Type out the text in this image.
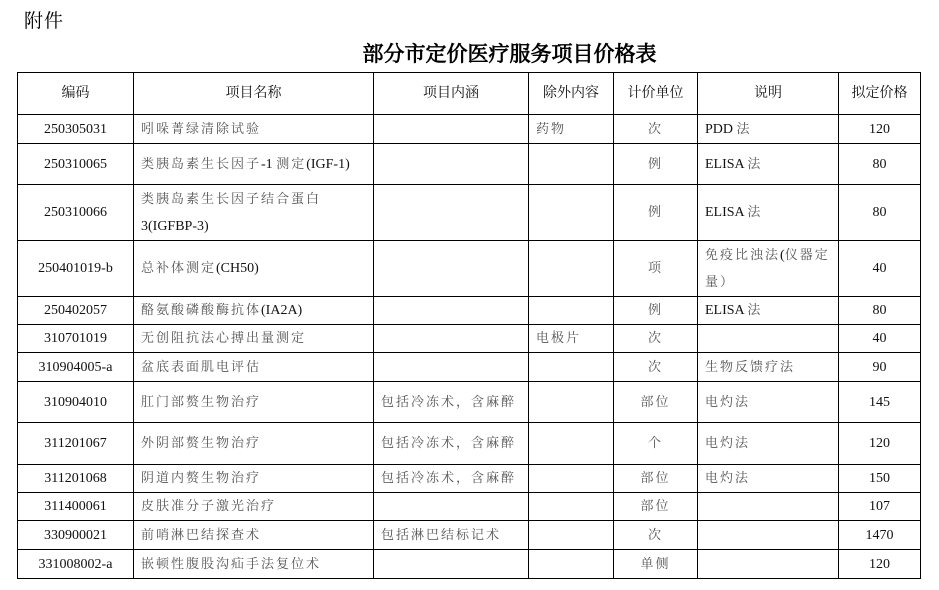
附件
部分市定价医疗服务项目价格表
编码	项目名称	项目内涵	除外内容	计价单位	说明	拟定价格
250305031	吲哚菁绿清除试验		药物	次	PDD 法	120
250310065	类胰岛素生长因子-1 测定(IGF-1)			例	ELISA 法	80
250310066	类胰岛素生长因子结合蛋白3(IGFBP-3)			例	ELISA 法	80
250401019-b	总补体测定(CH50)			项	免疫比浊法(仪器定量）	40
250402057	酪氨酸磷酸酶抗体(IA2A)			例	ELISA 法	80
310701019	无创阻抗法心搏出量测定		电极片	次		40
310904005-a	盆底表面肌电评估			次	生物反馈疗法	90
310904010	肛门部赘生物治疗	包括冷冻术，含麻醉		部位	电灼法	145
311201067	外阴部赘生物治疗	包括冷冻术，含麻醉		个	电灼法	120
311201068	阴道内赘生物治疗	包括冷冻术，含麻醉		部位	电灼法	150
311400061	皮肤准分子激光治疗			部位		107
330900021	前哨淋巴结探查术	包括淋巴结标记术		次		1470
331008002-a	嵌顿性腹股沟疝手法复位术			单侧		120
